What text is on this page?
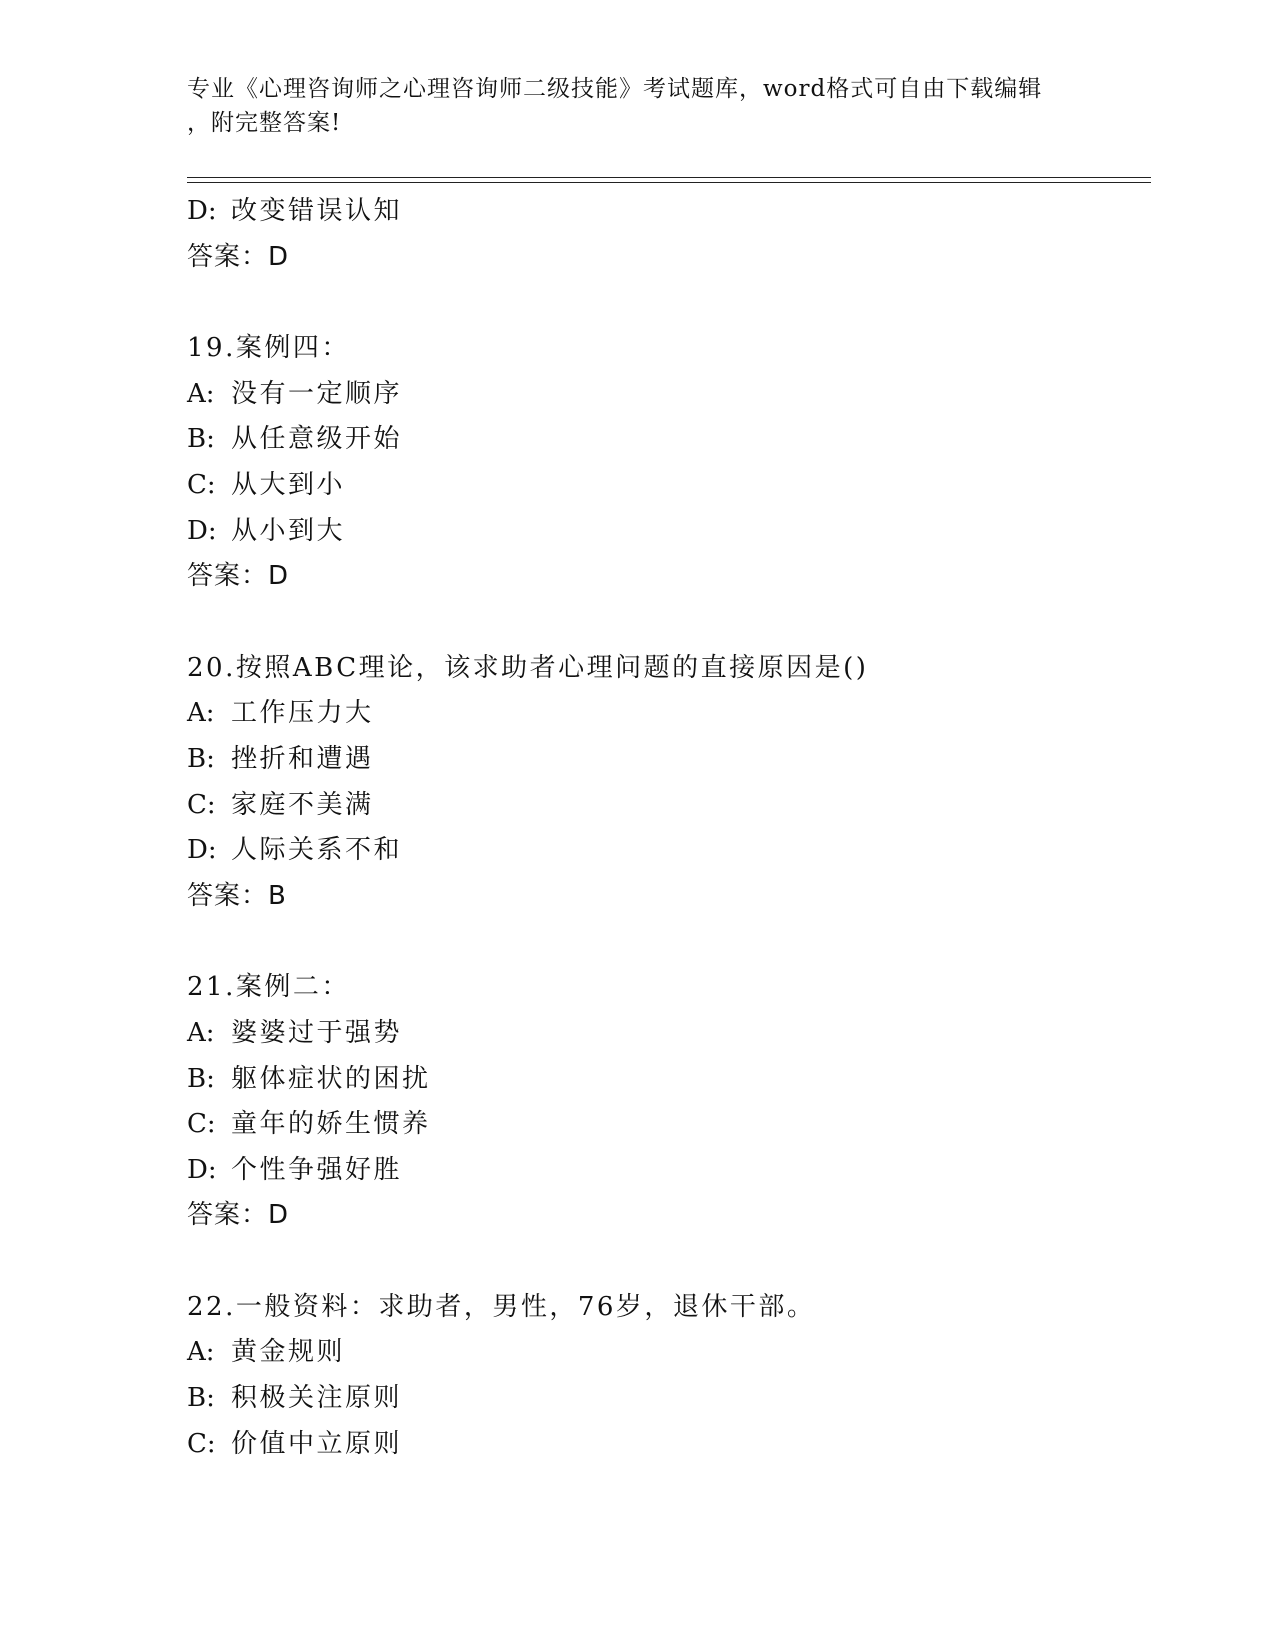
专业《心理咨询师之心理咨询师二级技能》考试题库，word格式可自由下载编辑
，附完整答案!
D: 改变错误认知
答案：D
19.案例四：
A: 没有一定顺序
B: 从任意级开始
C: 从大到小
D: 从小到大
答案：D
20.按照ABC理论，该求助者心理问题的直接原因是()
A: 工作压力大
B: 挫折和遭遇
C: 家庭不美满
D: 人际关系不和
答案：B
21.案例二：
A: 婆婆过于强势
B: 躯体症状的困扰
C: 童年的娇生惯养
D: 个性争强好胜
答案：D
22.一般资料：求助者，男性，76岁，退休干部。
A: 黄金规则
B: 积极关注原则
C: 价值中立原则
